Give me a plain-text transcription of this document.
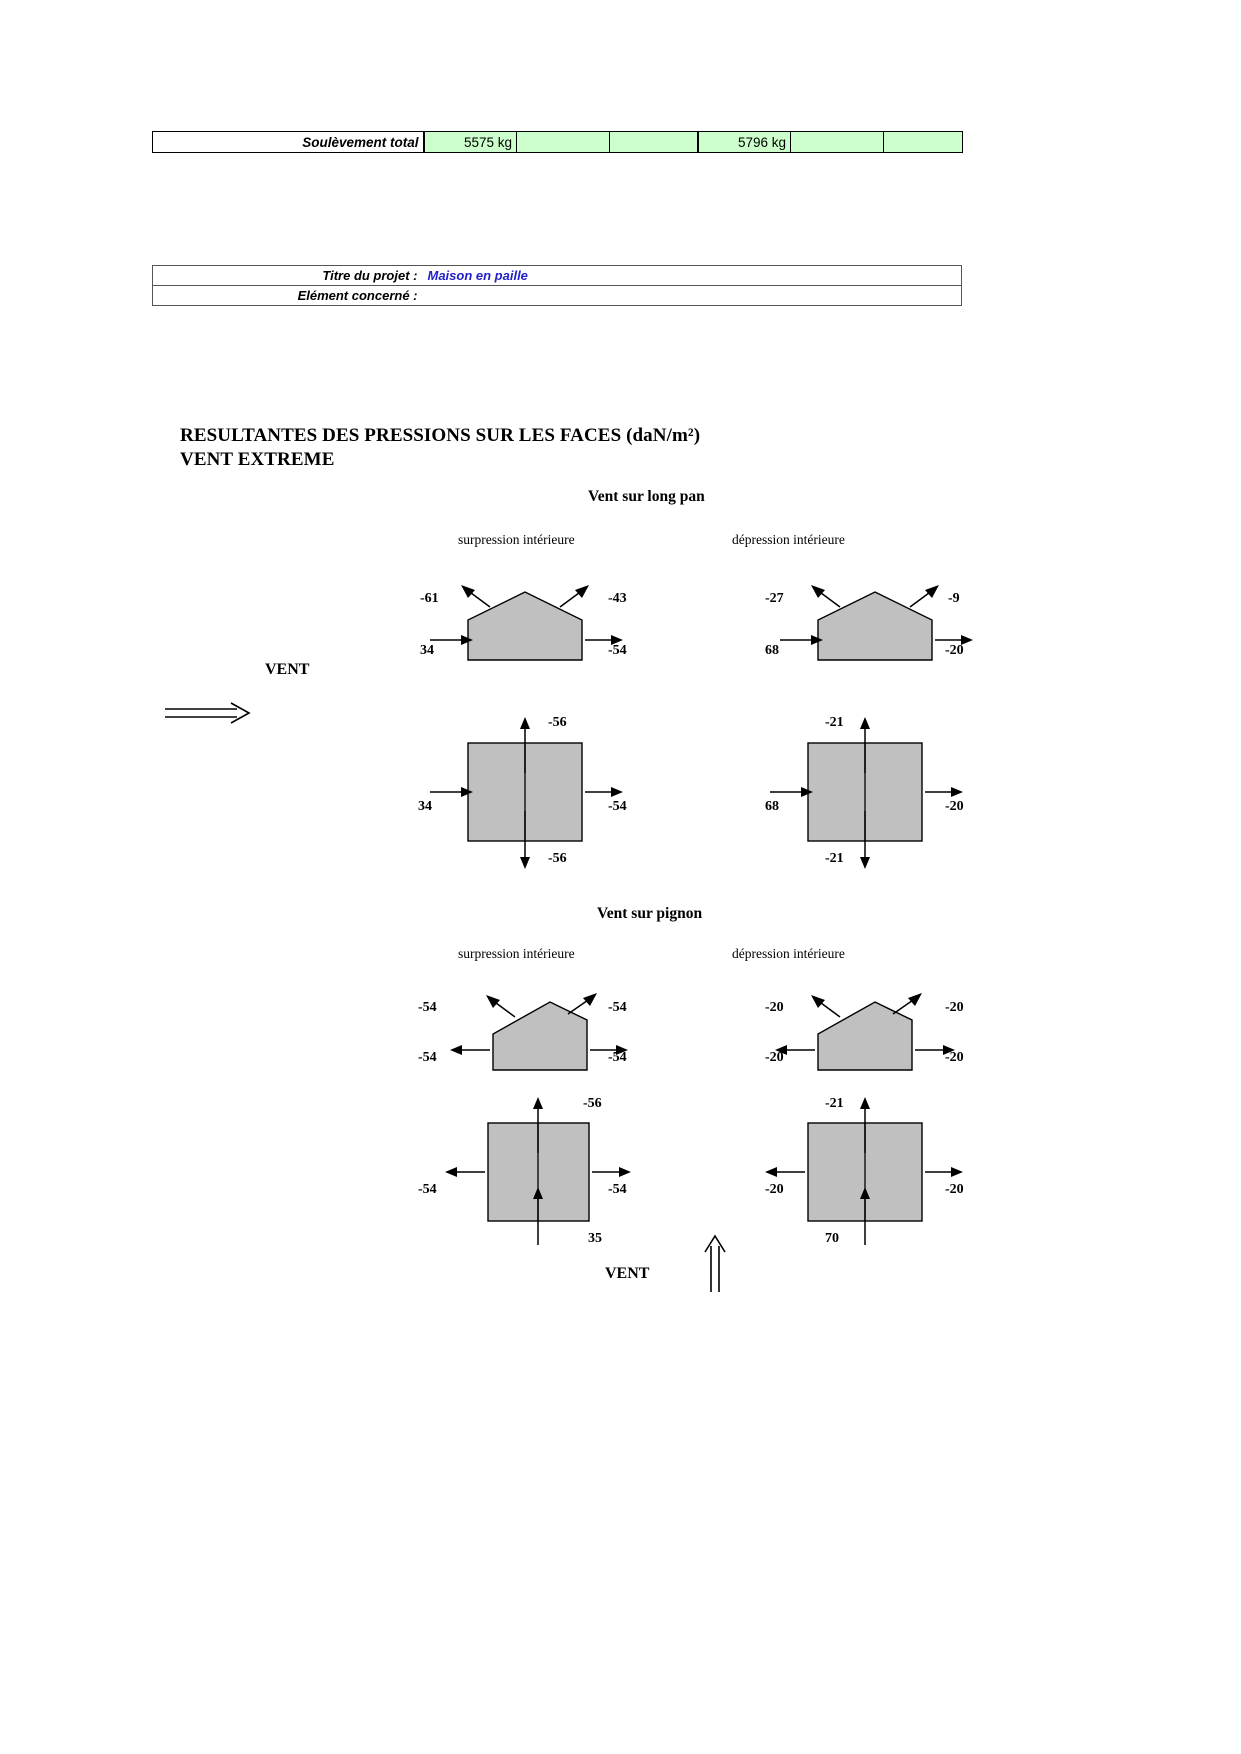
Soulèvement total	5575 kg			5796 kg		
Titre du projet :	Maison en paille
Elément concerné :	
RESULTANTES DES PRESSIONS SUR LES FACES (daN/m²)
VENT EXTREME
Vent sur long pan
surpression intérieure	dépression intérieure
VENT
-61	-43
34	-54
-27	-9
68	-20
-56
34	-54
-56
-21
68	-20
-21
Vent sur pignon
surpression intérieure	dépression intérieure
-54	-54
-54	-54
-20	-20
-20	-20
-56
-54	-54
35
-21
-20	-20
70
VENT
